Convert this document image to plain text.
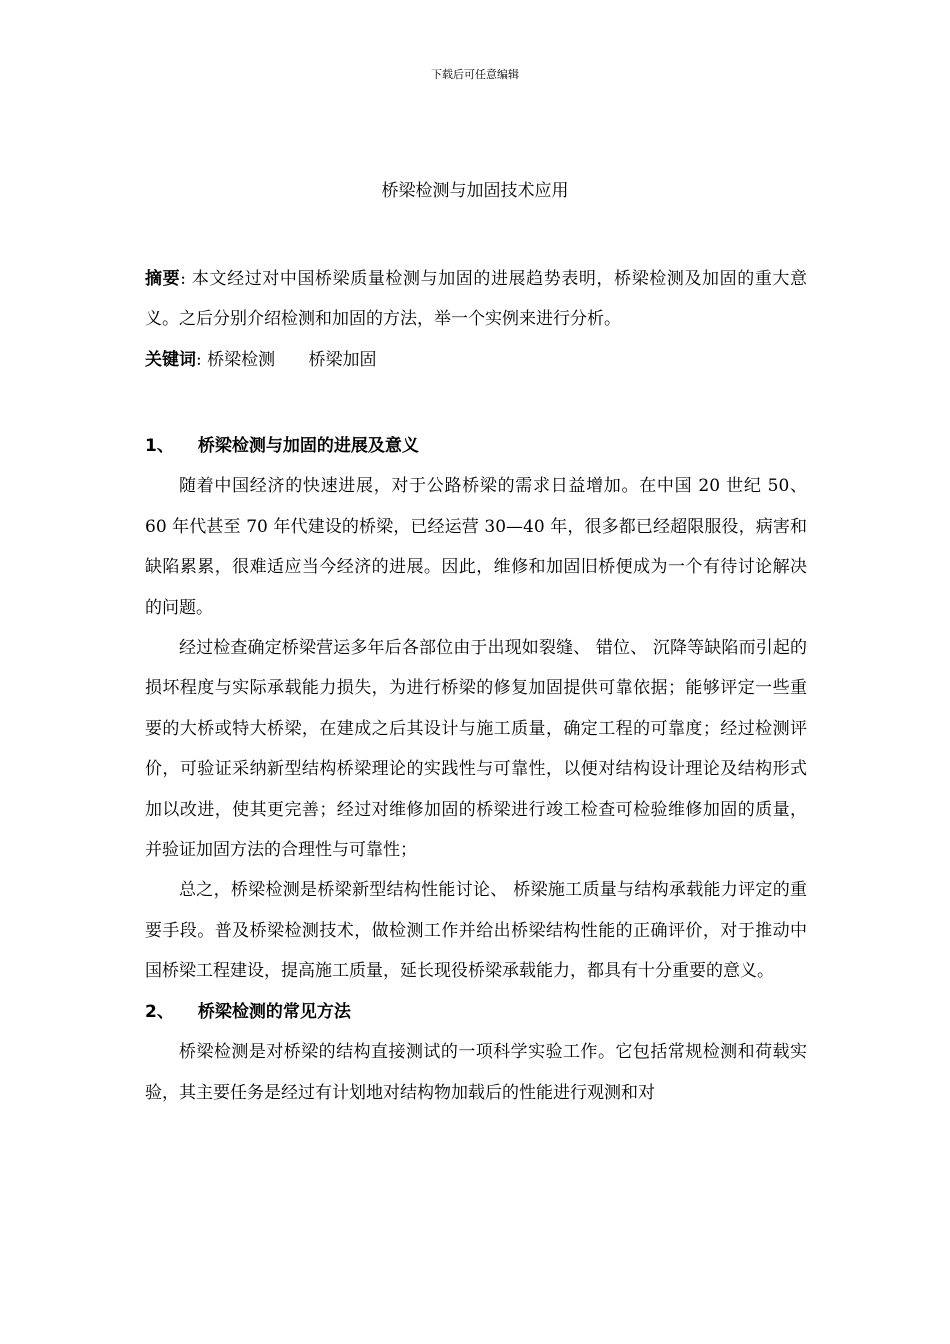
下载后可任意编辑
桥梁检测与加固技术应用
摘要: 本文经过对中国桥梁质量检测与加固的进展趋势表明，桥梁检测及加固的重大意义。之后分别介绍检测和加固的方法，举一个实例来进行分析。
关键词: 桥梁检测 桥梁加固
1、 桥梁检测与加固的进展及意义
随着中国经济的快速进展，对于公路桥梁的需求日益增加。在中国 20 世纪 50、 60 年代甚至 70 年代建设的桥梁，已经运营 30—40 年，很多都已经超限服役，病害和缺陷累累，很难适应当今经济的进展。因此，维修和加固旧桥便成为一个有待讨论解决的问题。
经过检查确定桥梁营运多年后各部位由于出现如裂缝、 错位、 沉降等缺陷而引起的损坏程度与实际承载能力损失，为进行桥梁的修复加固提供可靠依据；能够评定一些重要的大桥或特大桥梁，在建成之后其设计与施工质量，确定工程的可靠度；经过检测评价，可验证采纳新型结构桥梁理论的实践性与可靠性，以便对结构设计理论及结构形式加以改进，使其更完善；经过对维修加固的桥梁进行竣工检查可检验维修加固的质量，并验证加固方法的合理性与可靠性；
总之，桥梁检测是桥梁新型结构性能讨论、 桥梁施工质量与结构承载能力评定的重要手段。普及桥梁检测技术，做检测工作并给出桥梁结构性能的正确评价，对于推动中国桥梁工程建设，提高施工质量，延长现役桥梁承载能力，都具有十分重要的意义。
2、 桥梁检测的常见方法
桥梁检测是对桥梁的结构直接测试的一项科学实验工作。它包括常规检测和荷载实验，其主要任务是经过有计划地对结构物加载后的性能进行观测和对
